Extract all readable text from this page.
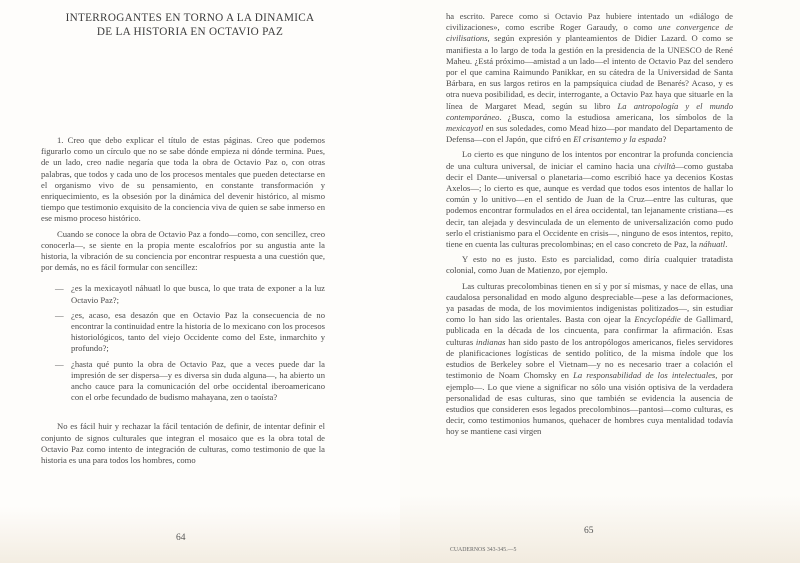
INTERROGANTES EN TORNO A LA DINAMICA
DE LA HISTORIA EN OCTAVIO PAZ

1. Creo que debo explicar el título de estas páginas. Creo que podemos figurarlo como un círculo que no se sabe dónde empieza ni dónde termina. Pues, de un lado, creo nadie negaría que toda la obra de Octavio Paz o, con otras palabras, que todos y cada uno de los procesos mentales que pueden detectarse en el organismo vivo de su pensamiento, en constante transformación y enriquecimiento, es la obsesión por la dinámica del devenir histórico, al mismo tiempo que testimonio exquisito de la conciencia viva de quien se sabe inmerso en ese mismo proceso histórico.

Cuando se conoce la obra de Octavio Paz a fondo—como, con sencillez, creo conocerla—, se siente en la propia mente escalofríos por su angustia ante la historia, la vibración de su conciencia por encontrar respuesta a una cuestión que, por demás, no es fácil formular con sencillez:

— ¿es la mexicayotl náhuatl lo que busca, lo que trata de exponer a la luz Octavio Paz?;
— ¿es, acaso, esa desazón que en Octavio Paz la consecuencia de no encontrar la continuidad entre la historia de lo mexicano con los procesos historiológicos, tanto del viejo Occidente como del Este, inmarchito y profundo?;
— ¿hasta qué punto la obra de Octavio Paz, que a veces puede dar la impresión de ser dispersa—y es diversa sin duda alguna—, ha abierto un ancho cauce para la comunicación del orbe occidental iberoamericano con el orbe fecundado de budismo mahayana, zen o taoísta?

No es fácil huir y rechazar la fácil tentación de definir, de intentar definir el conjunto de signos culturales que integran el mosaico que es la obra total de Octavio Paz como intento de integración de culturas, como testimonio de que la historia es una para todos los hombres, como

64

ha escrito. Parece como si Octavio Paz hubiere intentado un «diálogo de civilizaciones», como escribe Roger Garaudy, o como une convergence de civilisations, según expresión y planteamientos de Didier Lazard. O como se manifiesta a lo largo de toda la gestión en la presidencia de la UNESCO de René Maheu. ¿Está próximo—amistad a un lado—el intento de Octavio Paz del sendero por el que camina Raimundo Panikkar, en su cátedra de la Universidad de Santa Bárbara, en sus largos retiros en la pampsíquica ciudad de Benarés? Acaso, y es otra nueva posibilidad, es decir, interrogante, a Octavio Paz haya que situarle en la línea de Margaret Mead, según su libro La antropología y el mundo contemporáneo. ¿Busca, como la estudiosa americana, los símbolos de la mexicayotl en sus soledades, como Mead hizo—por mandato del Departamento de Defensa—con el Japón, que cifró en El crisantemo y la espada?

Lo cierto es que ninguno de los intentos por encontrar la profunda conciencia de una cultura universal, de iniciar el camino hacia una civiltà—como gustaba decir el Dante—universal o planetaria—como escribió hace ya decenios Kostas Axelos—; lo cierto es que, aunque es verdad que todos esos intentos de hallar lo común y lo unitivo—en el sentido de Juan de la Cruz—entre las culturas, que podemos encontrar formulados en el área occidental, tan lejanamente cristiana—es decir, tan alejada y desvinculada de un elemento de universalización como pudo serlo el cristianismo para el Occidente en crisis—, ninguno de esos intentos, repito, tiene en cuenta las culturas precolombinas; en el caso concreto de Paz, la náhuatl.

Y esto no es justo. Esto es parcialidad, como diría cualquier tratadista colonial, como Juan de Matienzo, por ejemplo.

Las culturas precolombinas tienen en sí y por sí mismas, y nace de ellas, una caudalosa personalidad en modo alguno despreciable—pese a las deformaciones, ya pasadas de moda, de los movimientos indigenistas politizados—, sin estudiar como lo han sido las orientales. Basta con ojear la Encyclopédie de Gallimard, publicada en la década de los cincuenta, para confirmar la afirmación. Esas culturas indianas han sido pasto de los antropólogos americanos, fieles servidores de planificaciones logísticas de sentido político, de la misma índole que los estudios de Berkeley sobre el Vietnam—y no es necesario traer a colación el testimonio de Noam Chomsky en La responsabilidad de los intelectuales, por ejemplo—. Lo que viene a significar no sólo una visión optisiva de la verdadera personalidad de esas culturas, sino que también se evidencia la ausencia de estudios que consideren esos legados precolombinos—pantosi—como culturas, es decir, como testimonios humanos, quehacer de hombres cuya mentalidad todavía hoy se mantiene casi virgen

65
CUADERNOS 343-345.—5
